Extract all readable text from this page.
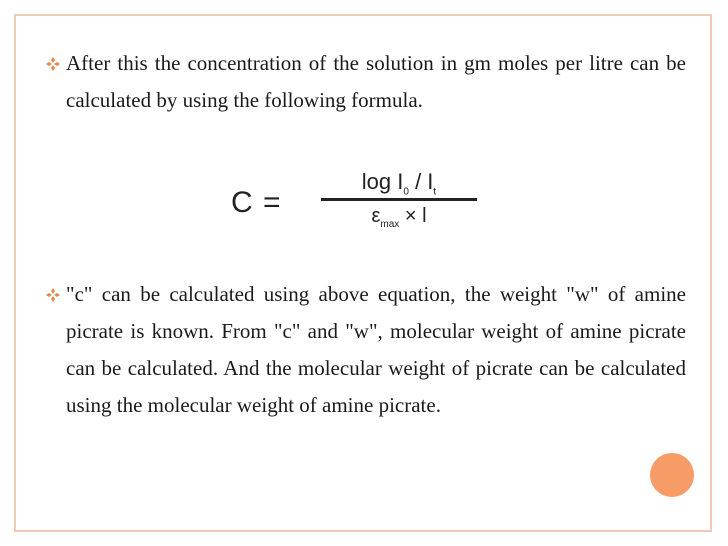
After this the concentration of the solution in gm moles per litre can be calculated by using the following formula.
C =
$\log I_0 / I_t$
$\varepsilon_{max} \times l$
"c" can be calculated using above equation, the weight "w" of amine picrate is known. From "c" and "w", molecular weight of amine picrate can be calculated. And the molecular weight of picrate can be calculated using the molecular weight of amine picrate.
